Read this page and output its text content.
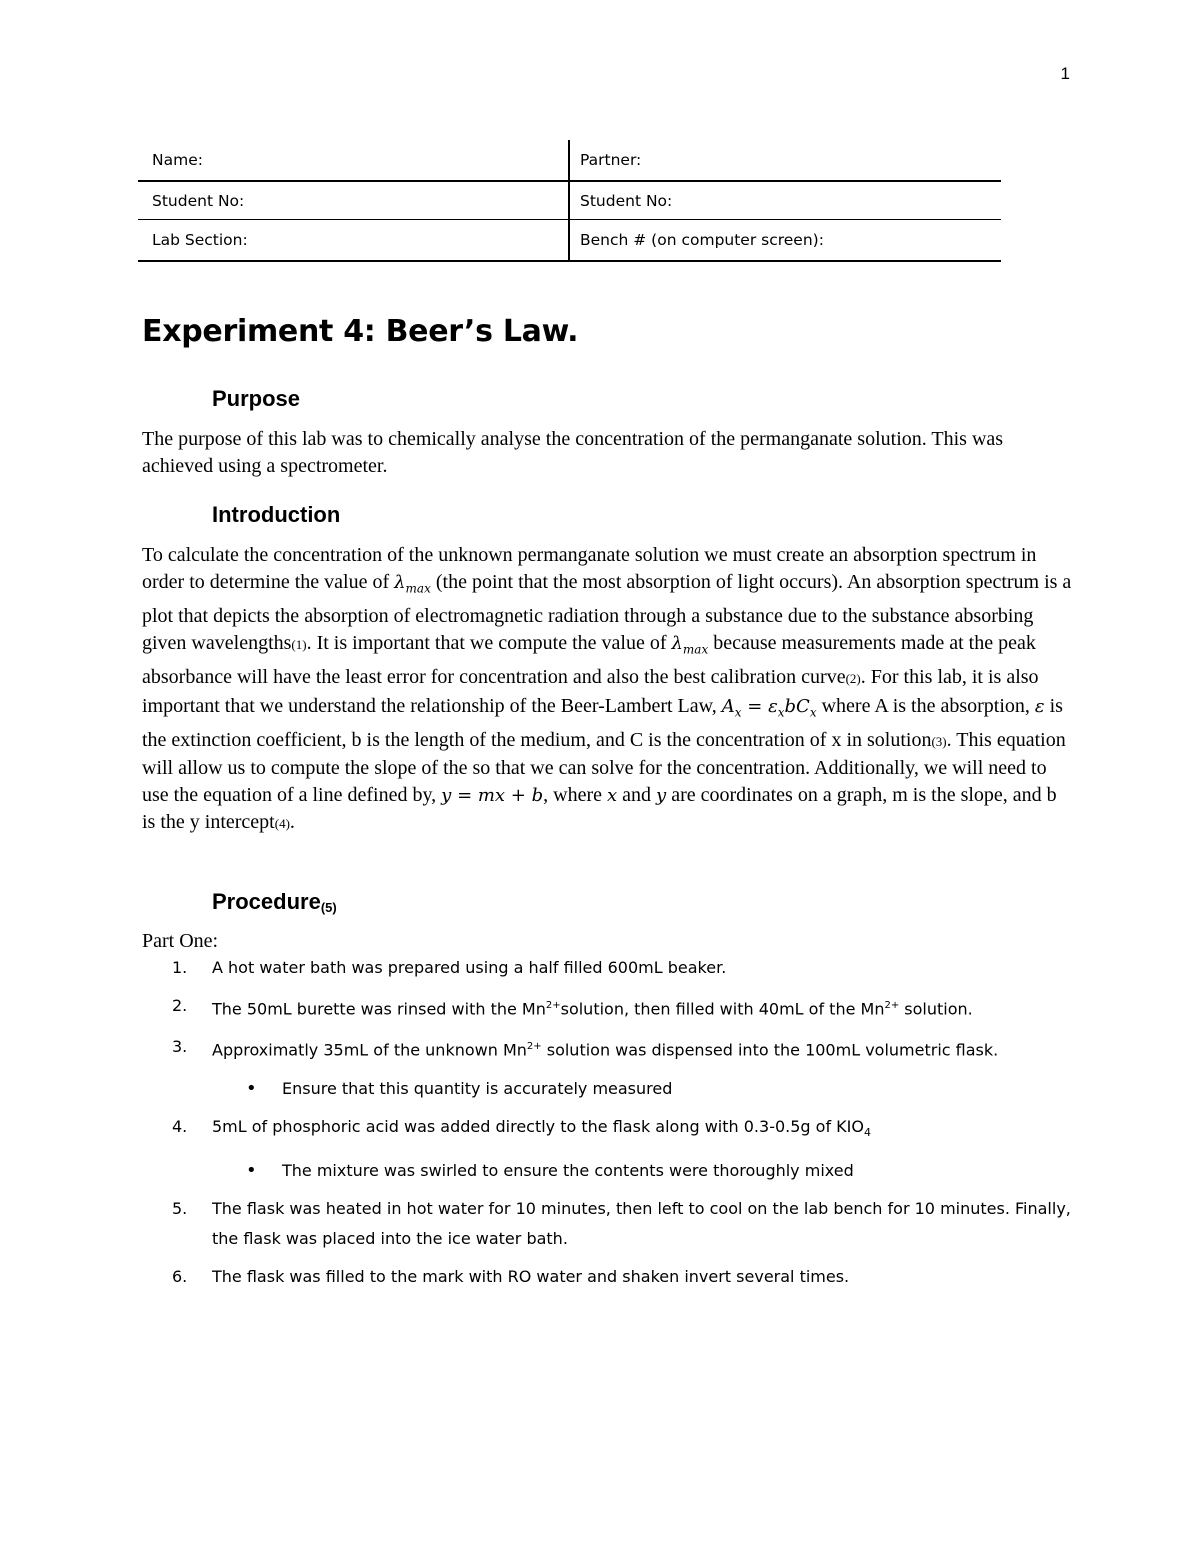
1
Name:	Partner:
Student No:	Student No:
Lab Section:	Bench # (on computer screen):
Experiment 4: Beer’s Law.
Purpose

The purpose of this lab was to chemically analyse the concentration of the permanganate solution. This was achieved using a spectrometer.

Introduction

To calculate the concentration of the unknown permanganate solution we must create an absorption spectrum in order to determine the value of $\lambda_{max}$ (the point that the most absorption of light occurs). An absorption spectrum is a plot that depicts the absorption of electromagnetic radiation through a substance due to the substance absorbing given wavelengths(1). It is important that we compute the value of $\lambda_{max}$ because measurements made at the peak absorbance will have the least error for concentration and also the best calibration curve(2). For this lab, it is also important that we understand the relationship of the Beer-Lambert Law, $A_x = \varepsilon_xbC_x$ where A is the absorption, ε is the extinction coefficient, b is the length of the medium, and C is the concentration of x in solution(3). This equation will allow us to compute the slope of the so that we can solve for the concentration. Additionally, we will need to use the equation of a line defined by, y = mx + b, where x and y are coordinates on a graph, m is the slope, and b is the y intercept(4).

Procedure$_{(5)}$

Part One:

1. A hot water bath was prepared using a half filled 600mL beaker.
2. The 50mL burette was rinsed with the $Mn^{2+}solution$, then filled with 40mL of the $Mn^{2+}$ solution.
3. Approximatly 35mL of the unknown $Mn^{2+}$ solution was dispensed into the 100mL volumetric flask.
• Ensure that this quantity is accurately measured
4. 5mL of phosphoric acid was added directly to the flask along with 0.3-0.5g of $KIO_4$
• The mixture was swirled to ensure the contents were thoroughly mixed
5. The flask was heated in hot water for 10 minutes, then left to cool on the lab bench for 10 minutes. Finally, the flask was placed into the ice water bath.
6. The flask was filled to the mark with RO water and shaken invert several times.
